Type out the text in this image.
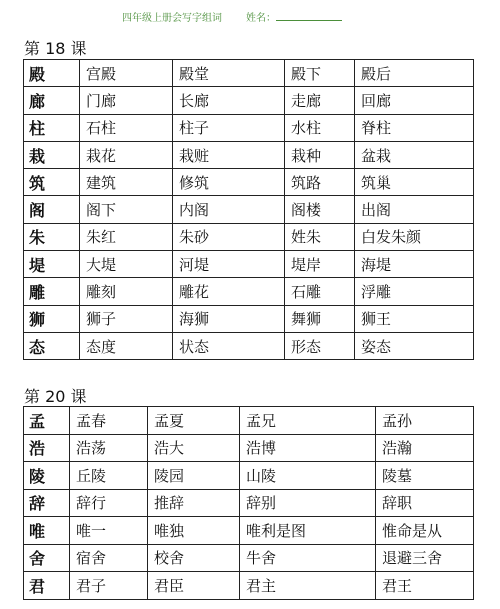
四年级上册会写字组词 姓名：
第 18 课
殿	宫殿	殿堂	殿下	殿后
廊	门廊	长廊	走廊	回廊
柱	石柱	柱子	水柱	脊柱
栽	栽花	栽赃	栽种	盆栽
筑	建筑	修筑	筑路	筑巢
阁	阁下	内阁	阁楼	出阁
朱	朱红	朱砂	姓朱	白发朱颜
堤	大堤	河堤	堤岸	海堤
雕	雕刻	雕花	石雕	浮雕
狮	狮子	海狮	舞狮	狮王
态	态度	状态	形态	姿态
第 20 课
孟	孟春	孟夏	孟兄	孟孙
浩	浩荡	浩大	浩博	浩瀚
陵	丘陵	陵园	山陵	陵墓
辞	辞行	推辞	辞别	辞职
唯	唯一	唯独	唯利是图	惟命是从
舍	宿舍	校舍	牛舍	退避三舍
君	君子	君臣	君主	君王
